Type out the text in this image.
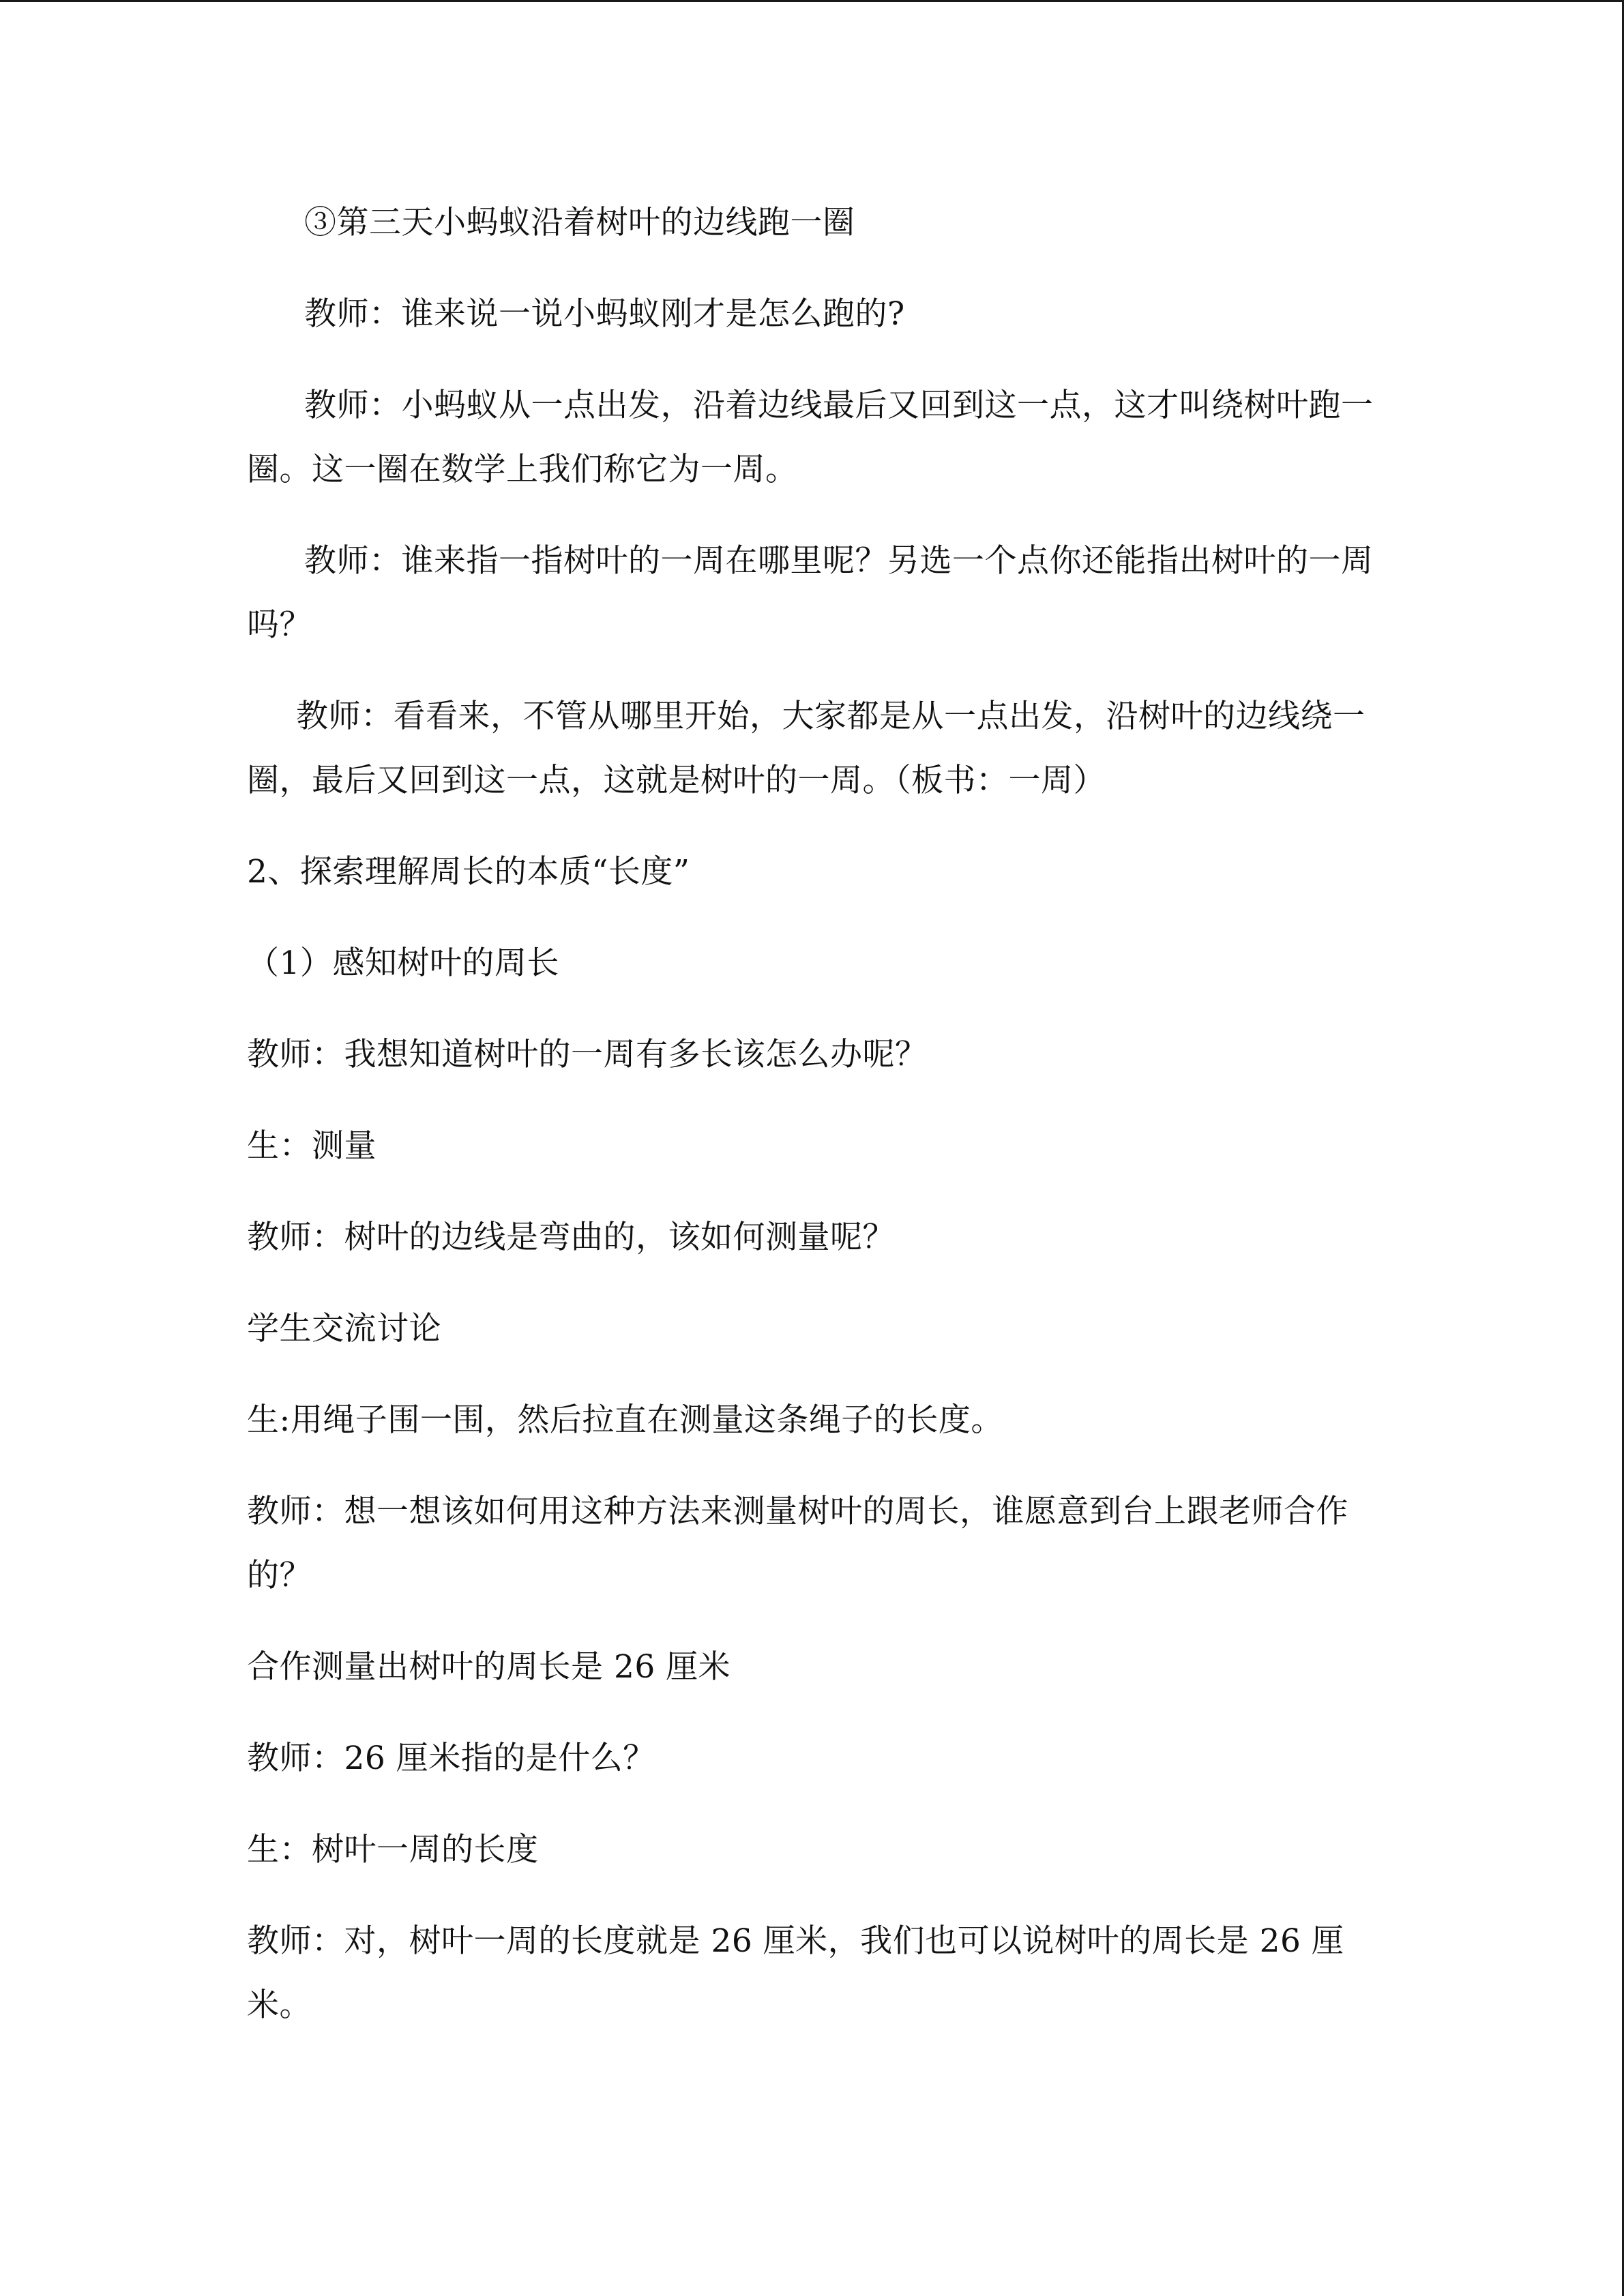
③第三天小蚂蚁沿着树叶的边线跑一圈

教师：谁来说一说小蚂蚁刚才是怎么跑的?

教师：小蚂蚁从一点出发，沿着边线最后又回到这一点，这才叫绕树叶跑一圈。这一圈在数学上我们称它为一周。

教师：谁来指一指树叶的一周在哪里呢？另选一个点你还能指出树叶的一周吗？

教师：看看来，不管从哪里开始，大家都是从一点出发，沿树叶的边线绕一圈，最后又回到这一点，这就是树叶的一周。（板书：一周）

2、探索理解周长的本质“长度”

（1）感知树叶的周长

教师：我想知道树叶的一周有多长该怎么办呢？

生：测量

教师：树叶的边线是弯曲的，该如何测量呢？

学生交流讨论

生:用绳子围一围，然后拉直在测量这条绳子的长度。

教师：想一想该如何用这种方法来测量树叶的周长，谁愿意到台上跟老师合作的？

合作测量出树叶的周长是 26 厘米

教师：26 厘米指的是什么？

生：树叶一周的长度

教师：对，树叶一周的长度就是 26 厘米，我们也可以说树叶的周长是 26 厘米。
